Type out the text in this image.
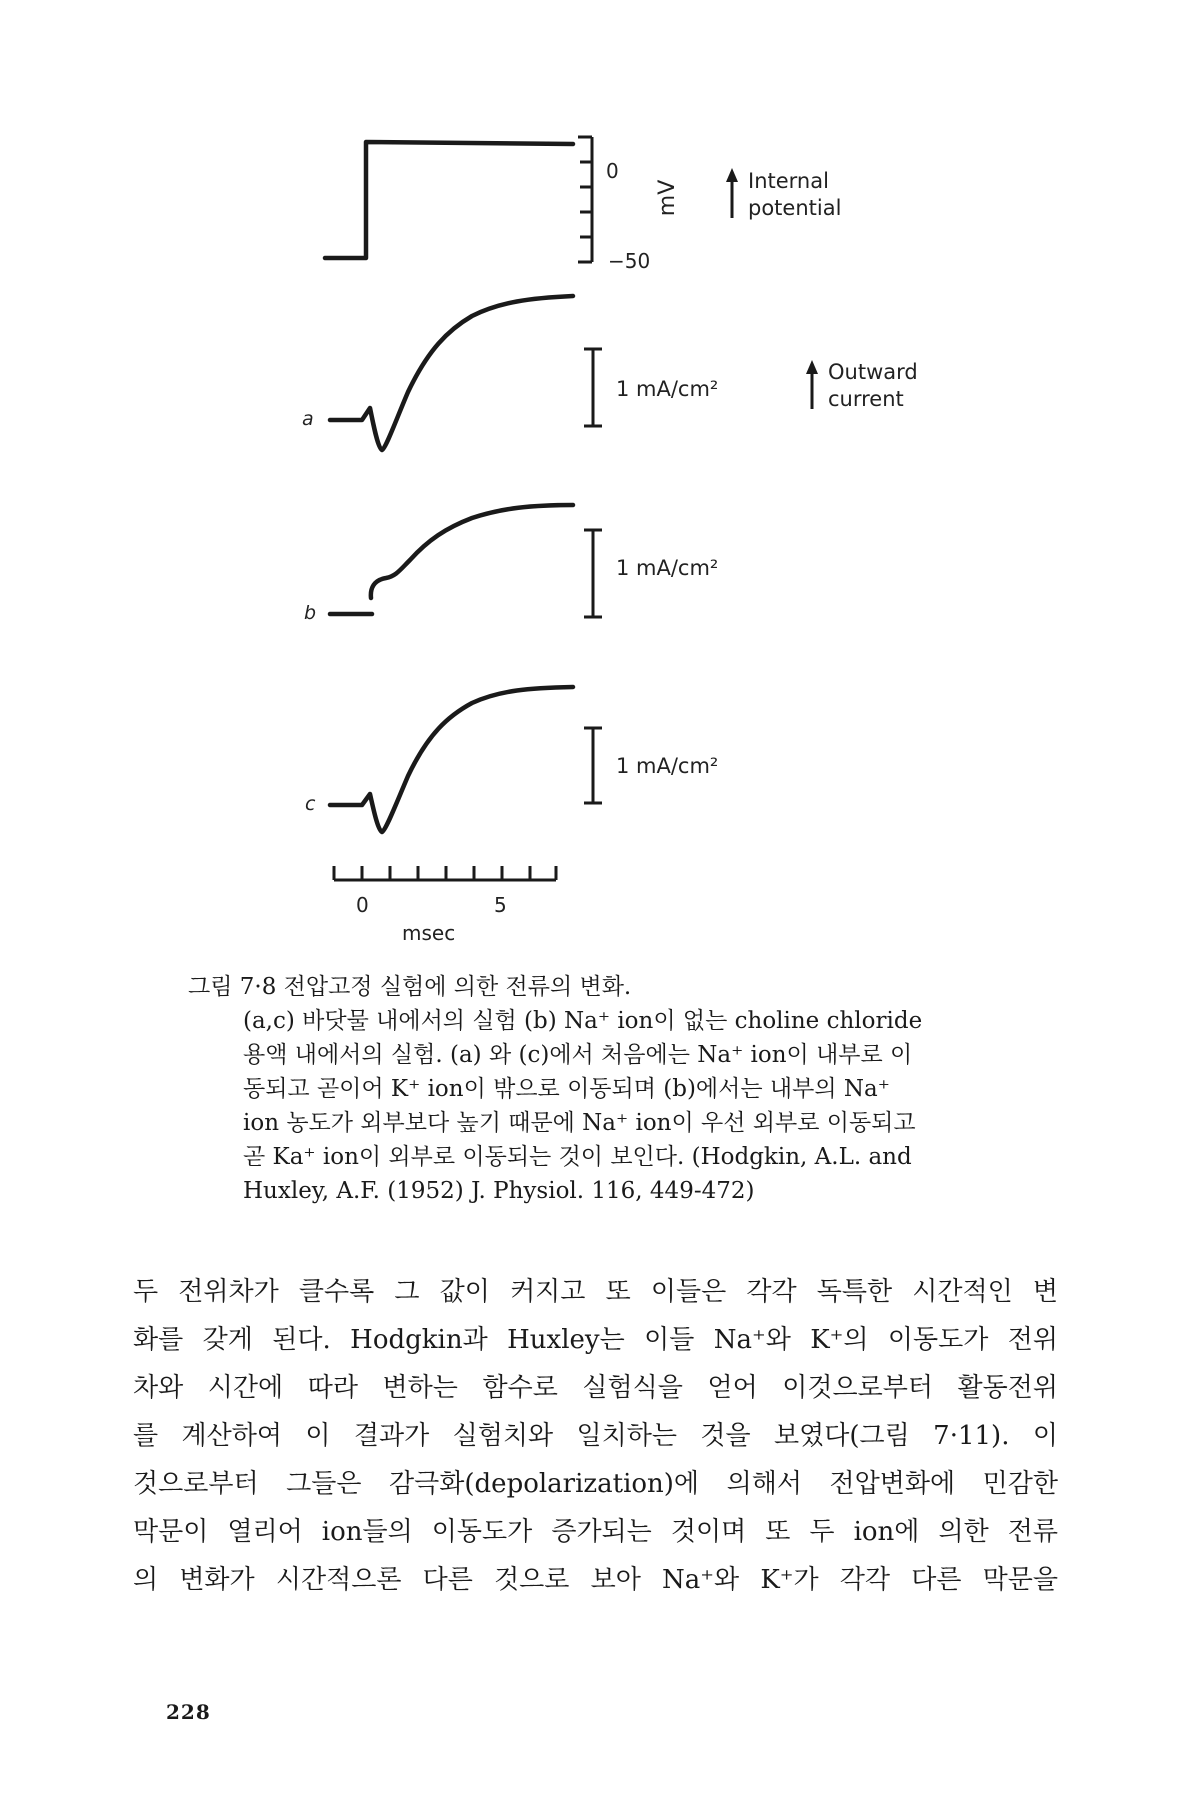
0
−50
mV	Internal
potential
a
1 mA/cm²
Outward
current
b
1 mA/cm²
c
1 mA/cm²
0	5
msec
그림 7·8 전압고정 실험에 의한 전류의 변화.

(a,c) 바닷물 내에서의 실험 (b) Na⁺ ion이 없는 choline chloride

용액 내에서의 실험. (a) 와 (c)에서 처음에는 Na⁺ ion이 내부로 이

동되고 곧이어 K⁺ ion이 밖으로 이동되며 (b)에서는 내부의 Na⁺

ion 농도가 외부보다 높기 때문에 Na⁺ ion이 우선 외부로 이동되고

곧 Ka⁺ ion이 외부로 이동되는 것이 보인다. (Hodgkin, A.L. and

Huxley, A.F. (1952) J. Physiol. 116, 449-472)

두 전위차가 클수록 그 값이 커지고 또 이들은 각각 독특한 시간적인 변

화를 갖게 된다. Hodgkin과 Huxley는 이들 Na⁺와 K⁺의 이동도가 전위

차와 시간에 따라 변하는 함수로 실험식을 얻어 이것으로부터 활동전위

를 계산하여 이 결과가 실험치와 일치하는 것을 보였다(그림 7·11). 이

것으로부터 그들은 감극화(depolarization)에 의해서 전압변화에 민감한

막문이 열리어 ion들의 이동도가 증가되는 것이며 또 두 ion에 의한 전류

의 변화가 시간적으론 다른 것으로 보아 Na⁺와 K⁺가 각각 다른 막문을

228
